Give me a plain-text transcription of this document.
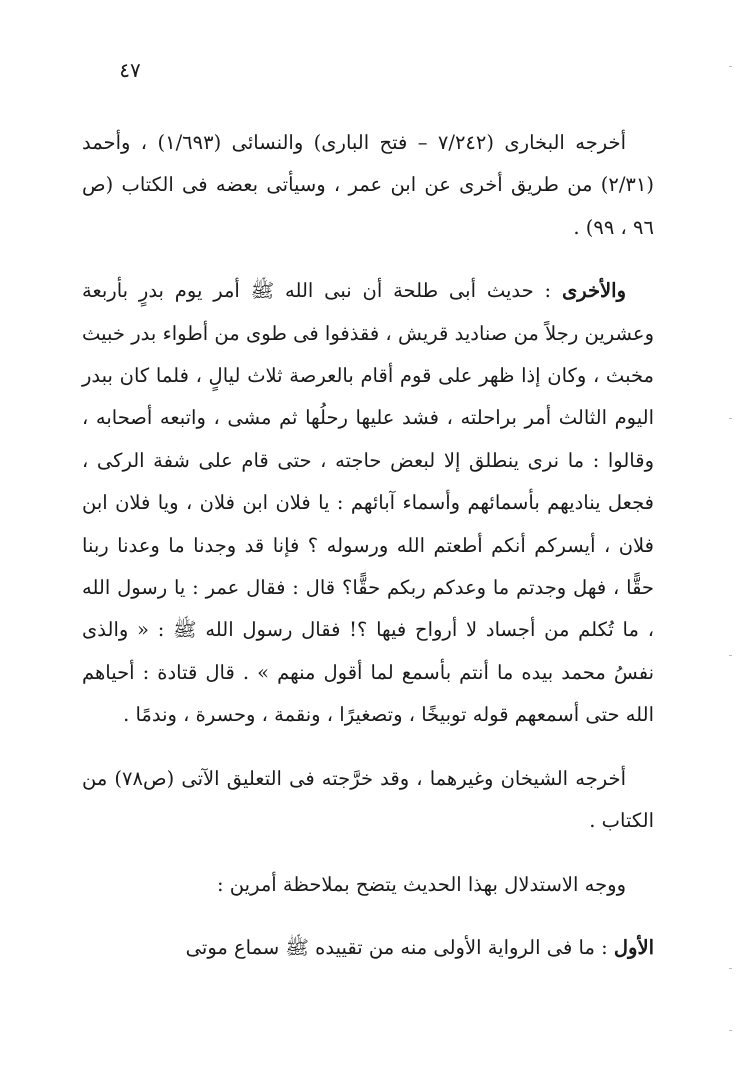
٤٧

أخرجه البخارى (٧/٢٤٢ – فتح البارى) والنسائى (١/٦٩٣) ، وأحمد (٢/٣١) من طريق أخرى عن ابن عمر ، وسيأتى بعضه فى الكتاب (ص ٩٦ ، ٩٩) .

والأخرى : حديث أبى طلحة أن نبى الله ﷺ أمر يوم بدرٍ بأربعة وعشرين رجلاً من صناديد قريش ، فقذفوا فى طوى من أطواء بدر خبيث مخبث ، وكان إذا ظهر على قوم أقام بالعرصة ثلاث ليالٍ ، فلما كان ببدر اليوم الثالث أمر براحلته ، فشد عليها رحلُها ثم مشى ، واتبعه أصحابه ، وقالوا : ما نرى ينطلق إلا لبعض حاجته ، حتى قام على شفة الركى ، فجعل يناديهم بأسمائهم وأسماء آبائهم : يا فلان ابن فلان ، ويا فلان ابن فلان ، أيسركم أنكم أطعتم الله ورسوله ؟ فإنا قد وجدنا ما وعدنا ربنا حقًّا ، فهل وجدتم ما وعدكم ربكم حقًّا؟ قال : فقال عمر : يا رسول الله ، ما تُكلم من أجساد لا أرواح فيها ؟! فقال رسول الله ﷺ : « والذى نفسُ محمد بيده ما أنتم بأسمع لما أقول منهم » . قال قتادة : أحياهم الله حتى أسمعهم قوله توبيخًا ، وتصغيرًا ، ونقمة ، وحسرة ، وندمًا .

أخرجه الشيخان وغيرهما ، وقد خرَّجته فى التعليق الآتى (ص٧٨) من الكتاب .

ووجه الاستدلال بهذا الحديث يتضح بملاحظة أمرين :

الأول : ما فى الرواية الأولى منه من تقييده ﷺ سماع موتى
